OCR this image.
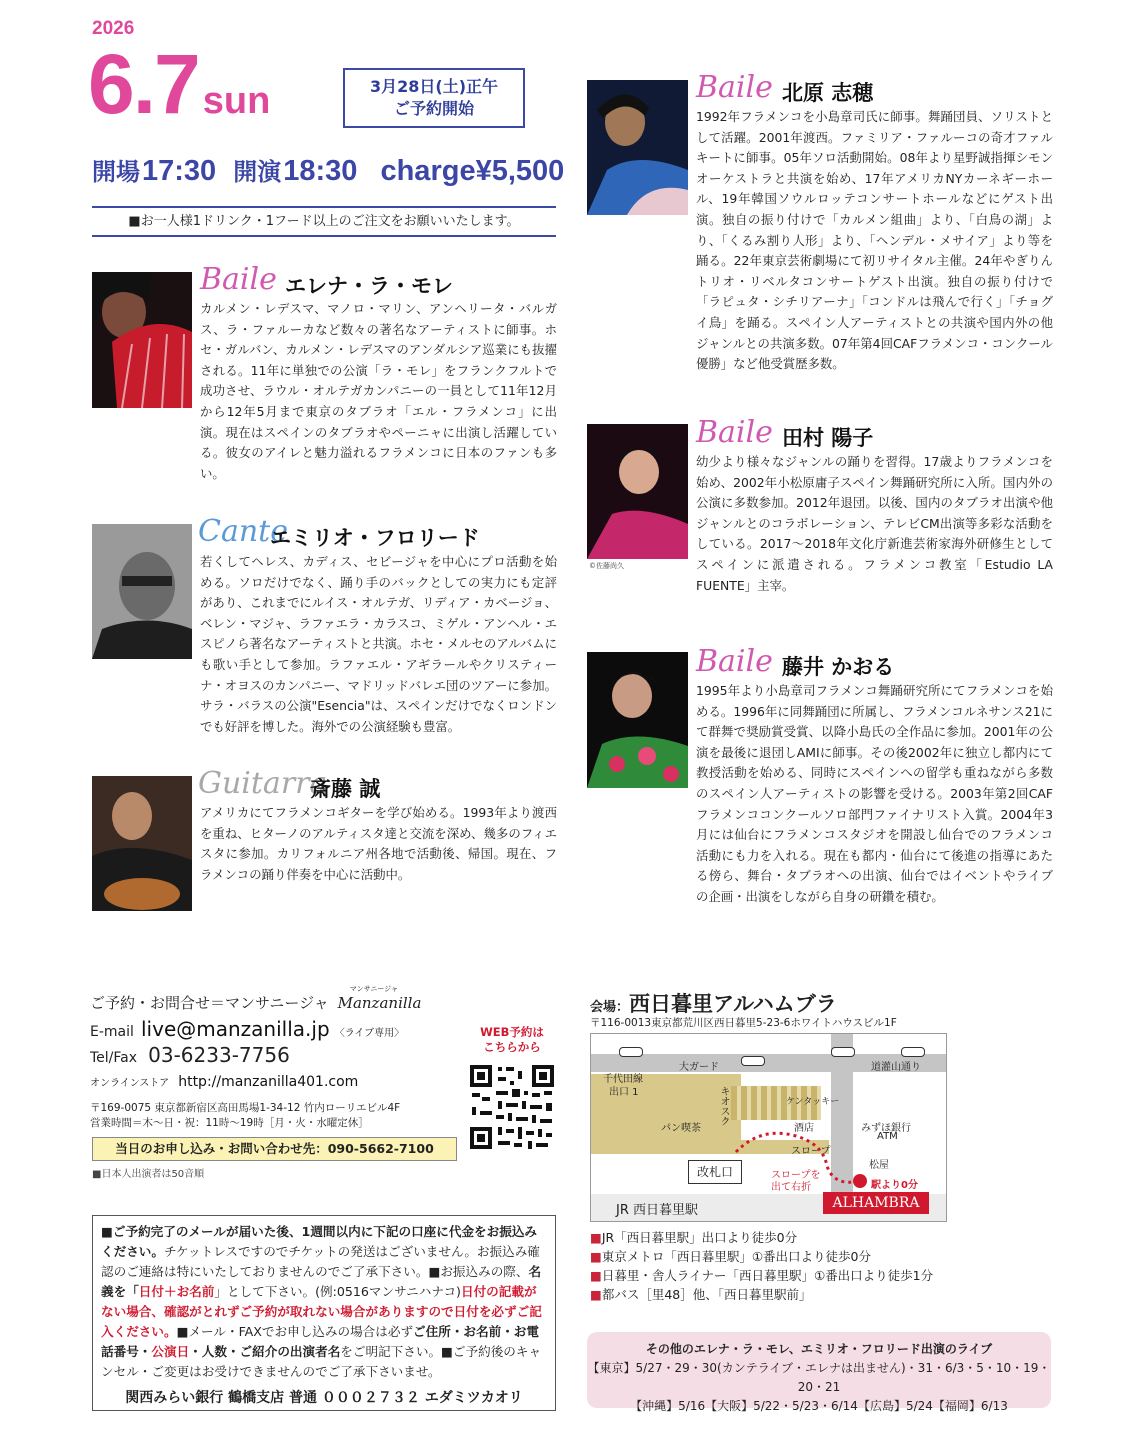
2026
6.7 sun	3月28日(土)正午
ご予約開始
開場17:30 開演18:30 charge¥5,500
■お一人様1ドリンク・1フード以上のご注文をお願いいたします。
Baile エレナ・ラ・モレ
カルメン・レデスマ、マノロ・マリン、アンヘリータ・バルガス、ラ・ファルーカなど数々の著名なアーティストに師事。ホセ・ガルバン、カルメン・レデスマのアンダルシア巡業にも抜擢される。11年に単独での公演「ラ・モレ」をフランクフルトで成功させ、ラウル・オルテガカンパニーの一員として11年12月から12年5月まで東京のタブラオ「エル・フラメンコ」に出演。現在はスペインのタブラオやペーニャに出演し活躍している。彼女のアイレと魅力溢れるフラメンコに日本のファンも多い。
Cante
エミリオ・フロリード
若くしてヘレス、カディス、セビージャを中心にプロ活動を始める。ソロだけでなく、踊り手のバックとしての実力にも定評があり、これまでにルイス・オルテガ、リディア・カベージョ、ベレン・マジャ、ラファエラ・カラスコ、ミゲル・アンヘル・エスピノら著名なアーティストと共演。ホセ・メルセのアルバムにも歌い手として参加。ラファエル・アギラールやクリスティーナ・オヨスのカンパニー、マドリッドバレエ団のツアーに参加。サラ・バラスの公演"Esencia"は、スペインだけでなくロンドンでも好評を博した。海外での公演経験も豊富。
Guitarra
斎藤 誠
アメリカにてフラメンコギターを学び始める。1993年より渡西を重ね、ヒターノのアルティスタ達と交流を深め、幾多のフィエスタに参加。カリフォルニア州各地で活動後、帰国。現在、フラメンコの踊り伴奏を中心に活動中。
Baile 北原 志穂
1992年フラメンコを小島章司氏に師事。舞踊団員、ソリストとして活躍。2001年渡西。ファミリア・ファルーコの奇才ファルキートに師事。05年ソロ活動開始。08年より星野誠指揮シモンオーケストラと共演を始め、17年アメリカNYカーネギーホール、19年韓国ソウルロッテコンサートホールなどにゲスト出演。独自の振り付けで「カルメン組曲」より、「白鳥の湖」より、「くるみ割り人形」より、「ヘンデル・メサイア」より等を踊る。22年東京芸術劇場にて初リサイタル主催。24年やぎりんトリオ・リベルタコンサートゲスト出演。独自の振り付けで「ラピュタ・シチリアーナ」「コンドルは飛んで行く」「チョグイ鳥」を踊る。スペイン人アーティストとの共演や国内外の他ジャンルとの共演多数。07年第4回CAFフラメンコ・コンクール優勝」など他受賞歴多数。
©佐藤尚久
Baile 田村 陽子
幼少より様々なジャンルの踊りを習得。17歳よりフラメンコを始め、2002年小松原庸子スペイン舞踊研究所に入所。国内外の公演に多数参加。2012年退団。以後、国内のタブラオ出演や他ジャンルとのコラボレーション、テレビCM出演等多彩な活動をしている。2017〜2018年文化庁新進芸術家海外研修生としてスペインに派遣される。フラメンコ教室「Estudio LA FUENTE」主宰。
Baile 藤井 かおる
1995年より小島章司フラメンコ舞踊研究所にてフラメンコを始める。1996年に同舞踊団に所属し、フラメンコルネサンス21にて群舞で奨励賞受賞、以降小島氏の全作品に参加。2001年の公演を最後に退団しAMIに師事。その後2002年に独立し都内にて教授活動を始める、同時にスペインへの留学も重ねながら多数のスペイン人アーティストの影響を受ける。2003年第2回CAFフラメンココンクールソロ部門ファイナリスト入賞。2004年3月には仙台にフラメンコスタジオを開設し仙台でのフラメンコ活動にも力を入れる。現在も都内・仙台にて後進の指導にあたる傍ら、舞台・タブラオへの出演、仙台ではイベントやライブの企画・出演をしながら自身の研鑽を積む。
ご予約・お問合せ＝マンサニージャ
マンサニージャ
Manzanilla
E-mail live@manzanilla.jp 〈ライブ専用〉
Tel/Fax 03-6233-7756
オンラインストア http://manzanilla401.com
〒169-0075 東京都新宿区高田馬場1-34-12 竹内ローリエビル4F
営業時間＝木〜日・祝：11時〜19時［月・火・水曜定休］
当日のお申し込み・お問い合わせ先：090-5662-7100
■日本人出演者は50音順
WEB予約は
こちらから
■ご予約完了のメールが届いた後、1週間以内に下記の口座に代金をお振込みください。チケットレスですのでチケットの発送はございません。お振込み確認のご連絡は特にいたしておりませんのでご了承下さい。■お振込みの際、名義を「日付＋お名前」として下さい。(例:0516マンサニハナコ)日付の記載がない場合、確認がとれずご予約が取れない場合がありますので日付を必ずご記入ください。■メール・FAXでお申し込みの場合は必ずご住所・お名前・お電話番号・公演日・人数・ご紹介の出演者名をご明記下さい。■ご予約後のキャンセル・ご変更はお受けできませんのでご了承下さいませ。
関西みらい銀行 鶴橋支店 普通 ０００２７３２ エダミツカオリ
会場：西日暮里アルハムブラ
〒116-0013東京都荒川区西日暮里5-23-6ホワイトハウスビル1F
大ガード	道灌山通り
千代田線
出口 1	キオスク	ケンタッキー
パン喫茶	酒店	みずほ銀行
ATM
松屋
スロープ
改札口	スロープを
出て右折	駅より0分
JR 西日暮里駅	ALHAMBRA
■JR「西日暮里駅」出口より徒歩0分
■東京メトロ「西日暮里駅」①番出口より徒歩0分
■日暮里・舎人ライナー「西日暮里駅」①番出口より徒歩1分
■都バス［里48］他、「西日暮里駅前」
その他のエレナ・ラ・モレ、エミリオ・フロリード出演のライブ
【東京】5/27・29・30(カンテライブ・エレナは出ません)・31・6/3・5・10・19・20・21
【沖縄】5/16【大阪】5/22・5/23・6/14【広島】5/24【福岡】6/13
